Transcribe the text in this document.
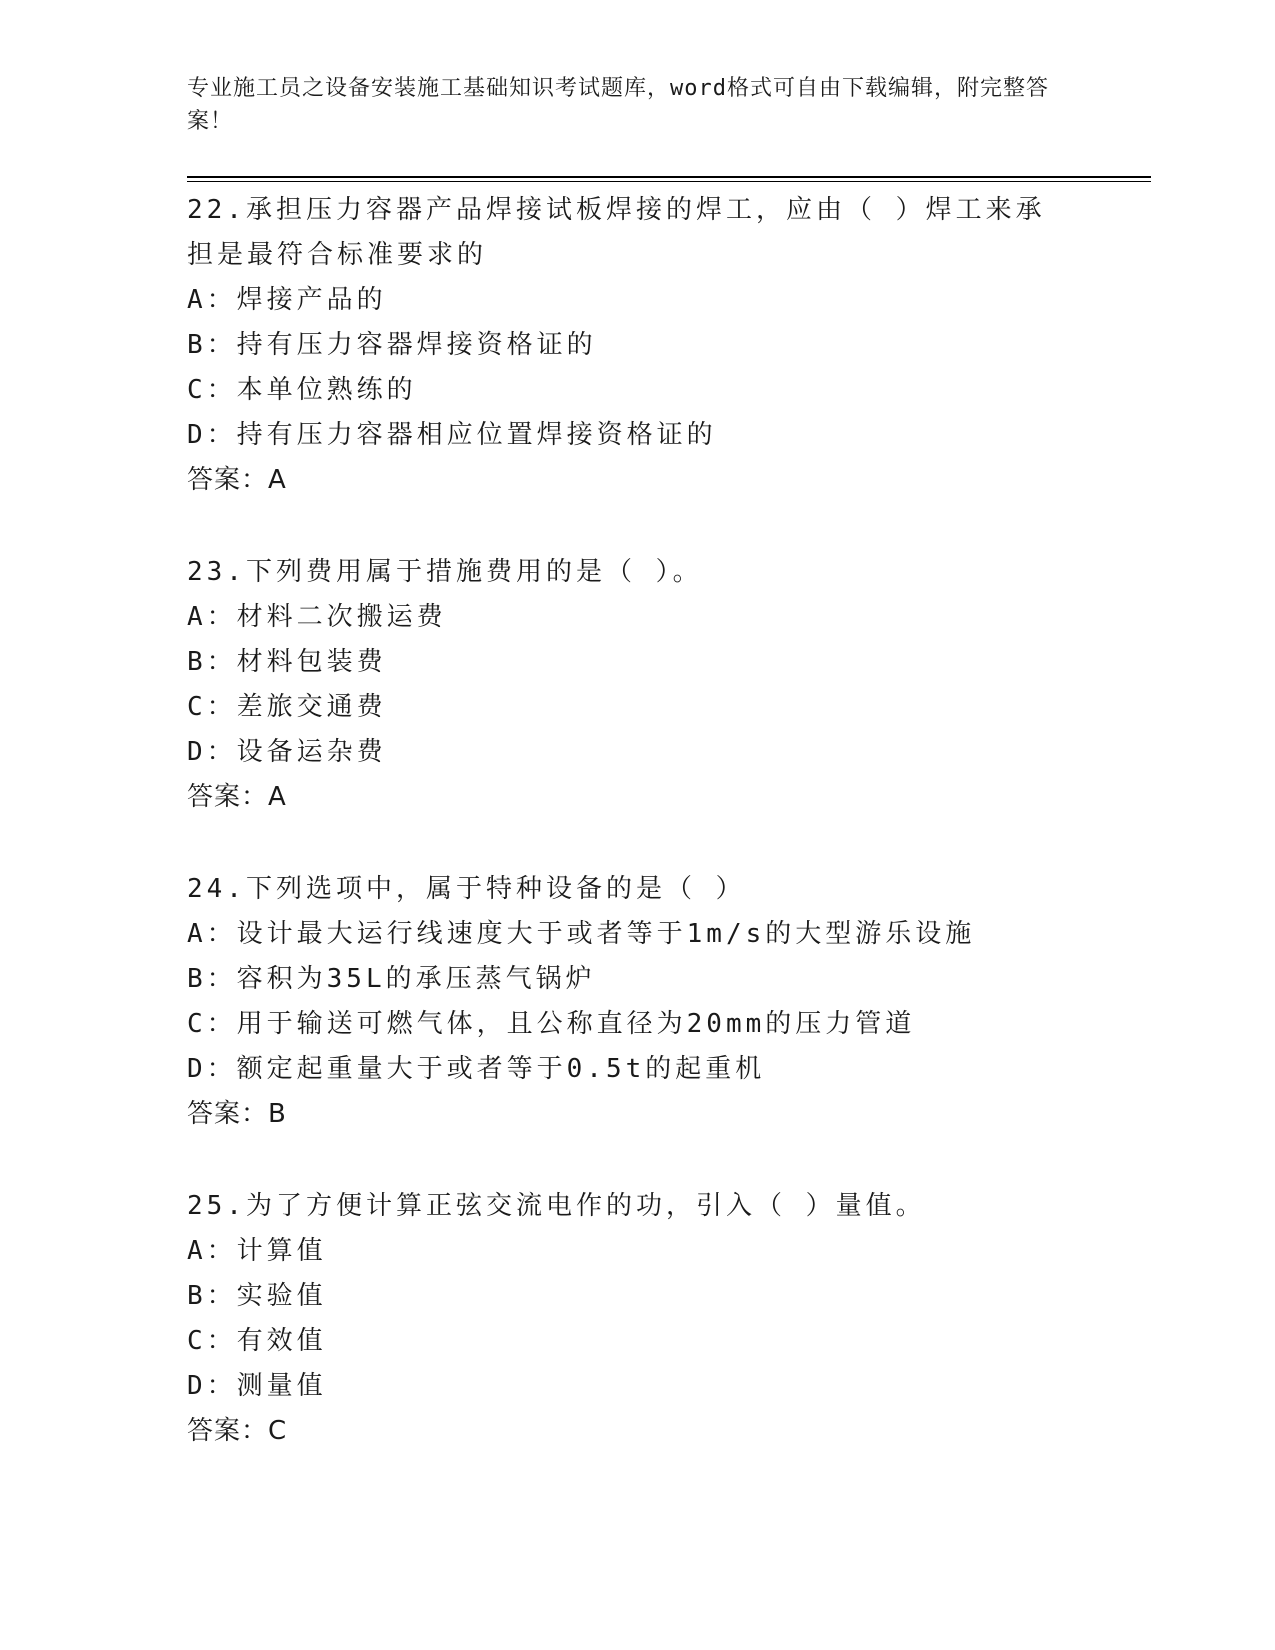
专业施工员之设备安装施工基础知识考试题库，word格式可自由下载编辑，附完整答案！
22.承担压力容器产品焊接试板焊接的焊工，应由（ ）焊工来承担是最符合标准要求的
A：焊接产品的
B：持有压力容器焊接资格证的
C：本单位熟练的
D：持有压力容器相应位置焊接资格证的
答案：A
23.下列费用属于措施费用的是（ ）。
A：材料二次搬运费
B：材料包装费
C：差旅交通费
D：设备运杂费
答案：A
24.下列选项中，属于特种设备的是（ ）
A：设计最大运行线速度大于或者等于1m/s的大型游乐设施
B：容积为35L的承压蒸气锅炉
C：用于输送可燃气体，且公称直径为20mm的压力管道
D：额定起重量大于或者等于0.5t的起重机
答案：B
25.为了方便计算正弦交流电作的功，引入（ ）量值。
A：计算值
B：实验值
C：有效值
D：测量值
答案：C
